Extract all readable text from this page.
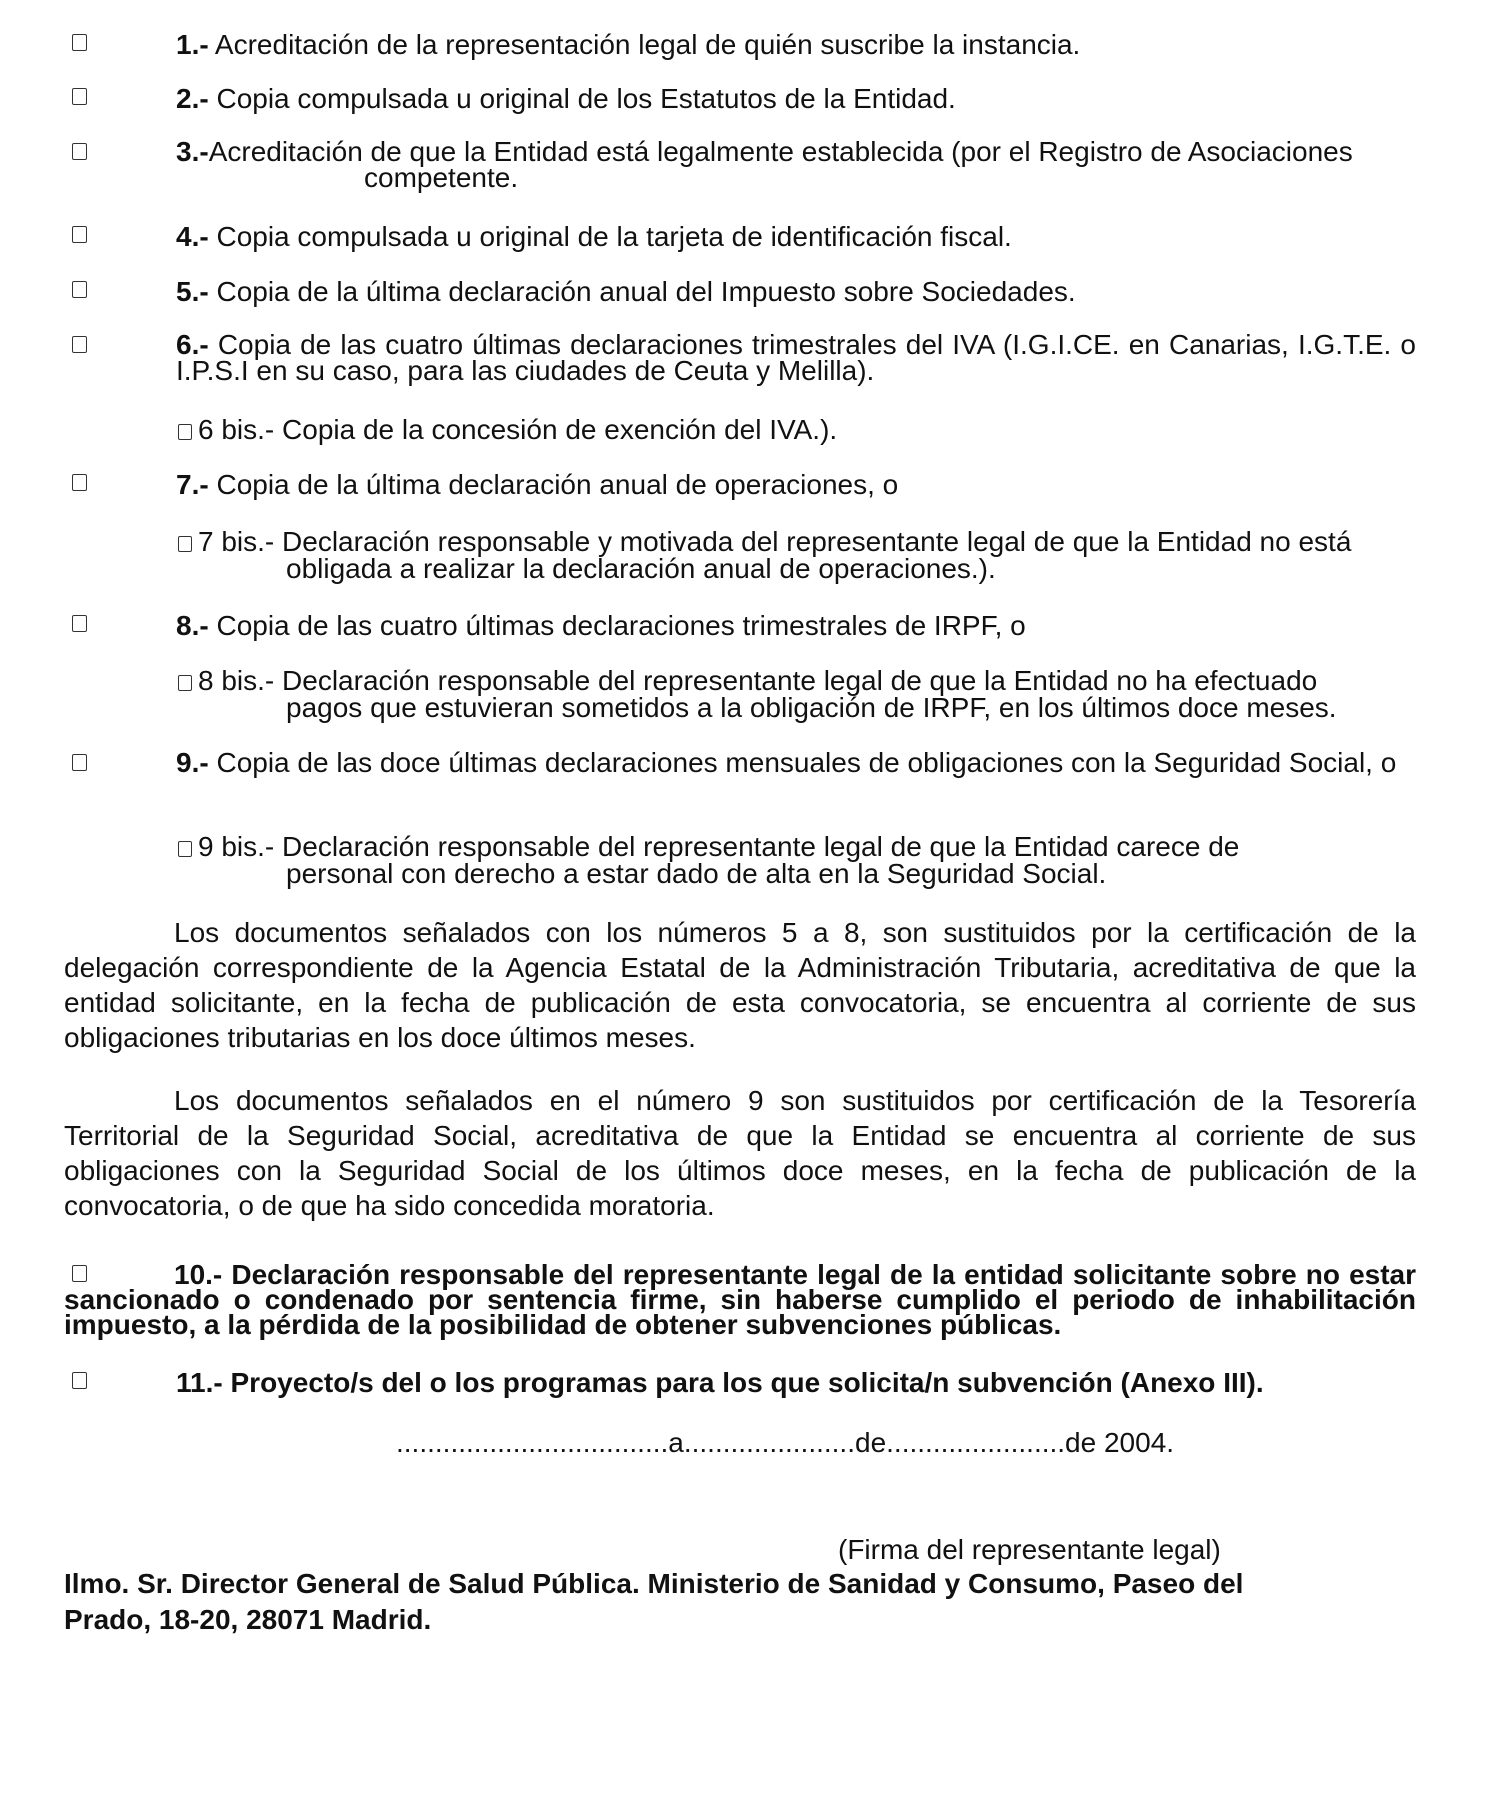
1.- Acreditación de la representación legal de quién suscribe la instancia.
2.- Copia compulsada u original de los Estatutos de la Entidad.
3.-Acreditación de que la Entidad está legalmente establecida (por el Registro de Asociaciones
competente.
4.- Copia compulsada u original de la tarjeta de identificación fiscal.
5.- Copia de la última declaración anual del Impuesto sobre Sociedades.
6.- Copia de las cuatro últimas declaraciones trimestrales del IVA (I.G.I.CE. en Canarias, I.G.T.E. o I.P.S.I en su caso, para las ciudades de Ceuta y Melilla).
6 bis.- Copia de la concesión de exención del IVA.).
7.- Copia de la última declaración anual de operaciones, o
7 bis.- Declaración responsable y motivada del representante legal de que la Entidad no está
obligada a realizar la declaración anual de operaciones.).
8.- Copia de las cuatro últimas declaraciones trimestrales de IRPF, o
8 bis.- Declaración responsable del representante legal de que la Entidad no ha efectuado
pagos que estuvieran sometidos a la obligación de IRPF, en los últimos doce meses.
9.- Copia de las doce últimas declaraciones mensuales de obligaciones con la Seguridad Social, o
9 bis.- Declaración responsable del representante legal de que la Entidad carece de
personal con derecho a estar dado de alta en la Seguridad Social.
Los documentos señalados con los números 5 a 8, son sustituidos por la certificación de la delegación correspondiente de la Agencia Estatal de la Administración Tributaria, acreditativa de que la entidad solicitante, en la fecha de publicación de esta convocatoria, se encuentra al corriente de sus obligaciones tributarias en los doce últimos meses.
Los documentos señalados en el número 9 son sustituidos por certificación de la Tesorería Territorial de la Seguridad Social, acreditativa de que la Entidad se encuentra al corriente de sus obligaciones con la Seguridad Social de los últimos doce meses, en la fecha de publicación de la convocatoria, o de que ha sido concedida moratoria.
10.- Declaración responsable del representante legal de la entidad solicitante sobre no estar sancionado o condenado por sentencia firme, sin haberse cumplido el periodo de inhabilitación impuesto, a la pérdida de la posibilidad de obtener subvenciones públicas.
11.- Proyecto/s del o los programas para los que solicita/n subvención (Anexo III).
...................................a......................de.......................de 2004.
(Firma del representante legal)
Ilmo. Sr. Director General de Salud Pública. Ministerio de Sanidad y Consumo, Paseo del
Prado, 18-20, 28071 Madrid.
